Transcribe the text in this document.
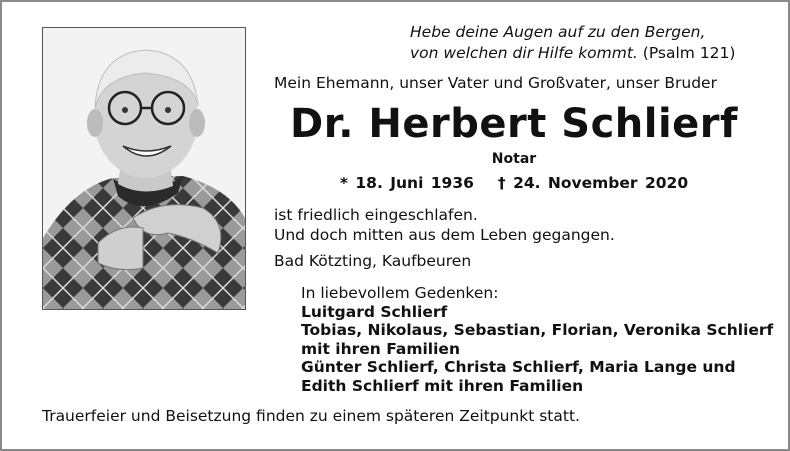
Hebe deine Augen auf zu den Bergen,
von welchen dir Hilfe kommt. (Psalm 121)
Mein Ehemann, unser Vater und Großvater, unser Bruder
Dr. Herbert Schlierf
Notar
* 18. Juni 1936 † 24. November 2020
ist friedlich eingeschlafen.
Und doch mitten aus dem Leben gegangen.
Bad Kötzting, Kaufbeuren
In liebevollem Gedenken:
Luitgard Schlierf
Tobias, Nikolaus, Sebastian, Florian, Veronika Schlierf
mit ihren Familien
Günter Schlierf, Christa Schlierf, Maria Lange und
Edith Schlierf mit ihren Familien
Trauerfeier und Beisetzung finden zu einem späteren Zeitpunkt statt.
